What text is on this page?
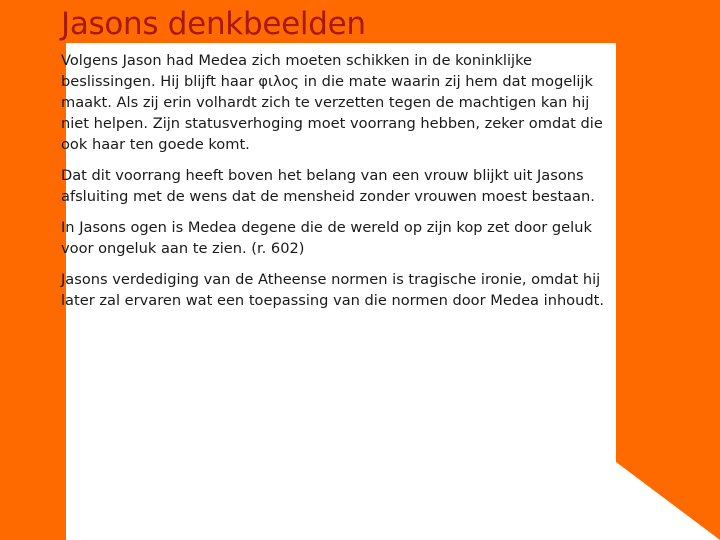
Jasons denkbeelden

Volgens Jason had Medea zich moeten schikken in de koninklijke beslissingen. Hij blijft haar φιλος in die mate waarin zij hem dat mogelijk maakt. Als zij erin volhardt zich te verzetten tegen de machtigen kan hij niet helpen. Zijn statusverhoging moet voorrang hebben, zeker omdat die ook haar ten goede komt.

Dat dit voorrang heeft boven het belang van een vrouw blijkt uit Jasons afsluiting met de wens dat de mensheid zonder vrouwen moest bestaan.

In Jasons ogen is Medea degene die de wereld op zijn kop zet door geluk voor ongeluk aan te zien. (r. 602)

Jasons verdediging van de Atheense normen is tragische ironie, omdat hij later zal ervaren wat een toepassing van die normen door Medea inhoudt.
